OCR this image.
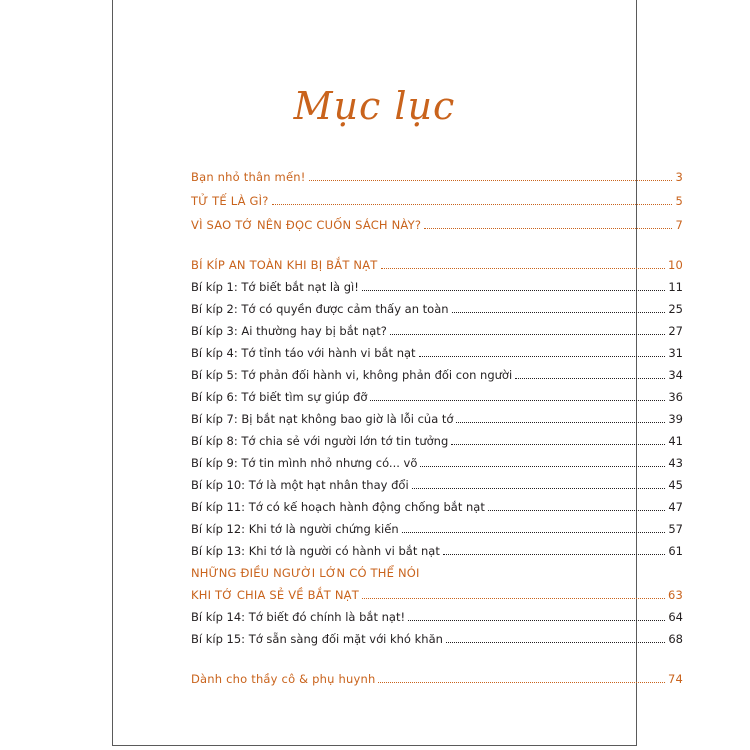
Mục lục
Bạn nhỏ thân mến!	3
TỬ TẾ LÀ GÌ?	5
VÌ SAO TỚ NÊN ĐỌC CUỐN SÁCH NÀY?	7
BÍ KÍP AN TOÀN KHI BỊ BẮT NẠT	10
Bí kíp 1: Tớ biết bắt nạt là gì!	11
Bí kíp 2: Tớ có quyền được cảm thấy an toàn	25
Bí kíp 3: Ai thường hay bị bắt nạt?	27
Bí kíp 4: Tớ tỉnh táo với hành vi bắt nạt	31
Bí kíp 5: Tớ phản đối hành vi, không phản đối con người	34
Bí kíp 6: Tớ biết tìm sự giúp đỡ	36
Bí kíp 7: Bị bắt nạt không bao giờ là lỗi của tớ	39
Bí kíp 8: Tớ chia sẻ với người lớn tớ tin tưởng	41
Bí kíp 9: Tớ tin mình nhỏ nhưng có... võ	43
Bí kíp 10: Tớ là một hạt nhân thay đổi	45
Bí kíp 11: Tớ có kế hoạch hành động chống bắt nạt	47
Bí kíp 12: Khi tớ là người chứng kiến	57
Bí kíp 13: Khi tớ là người có hành vi bắt nạt	61
NHỮNG ĐIỀU NGƯỜI LỚN CÓ THỂ NÓI
KHI TỚ CHIA SẺ VỀ BẮT NẠT	63
Bí kíp 14: Tớ biết đó chính là bắt nạt!	64
Bí kíp 15: Tớ sẵn sàng đối mặt với khó khăn	68
Dành cho thầy cô & phụ huynh	74
